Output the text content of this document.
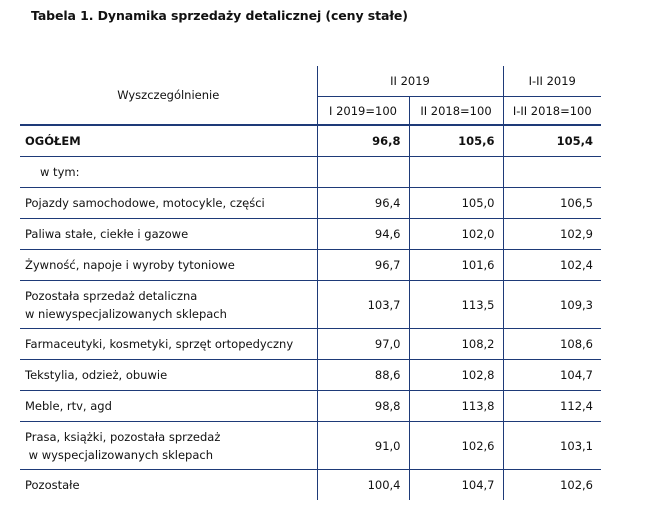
Tabela 1. Dynamika sprzedaży detalicznej (ceny stałe)
Wyszczególnienie	II 2019		I-II 2019
	I 2019=100	II 2018=100	I-II 2018=100
OGÓŁEM	96,8	105,6	105,4
w tym:			
Pojazdy samochodowe, motocykle, części	96,4	105,0	106,5
Paliwa stałe, ciekłe i gazowe	94,6	102,0	102,9
Żywność, napoje i wyroby tytoniowe	96,7	101,6	102,4

Pozostała sprzedaż detaliczna
w niewyspecjalizowanych sklepach	103,7	113,5	109,3
Farmaceutyki, kosmetyki, sprzęt ortopedyczny	97,0	108,2	108,6
Tekstylia, odzież, obuwie	88,6	102,8	104,7
Meble, rtv, agd	98,8	113,8	112,4

Prasa, książki, pozostała sprzedaż
w wyspecjalizowanych sklepach	91,0	102,6	103,1
Pozostałe	100,4	104,7	102,6
